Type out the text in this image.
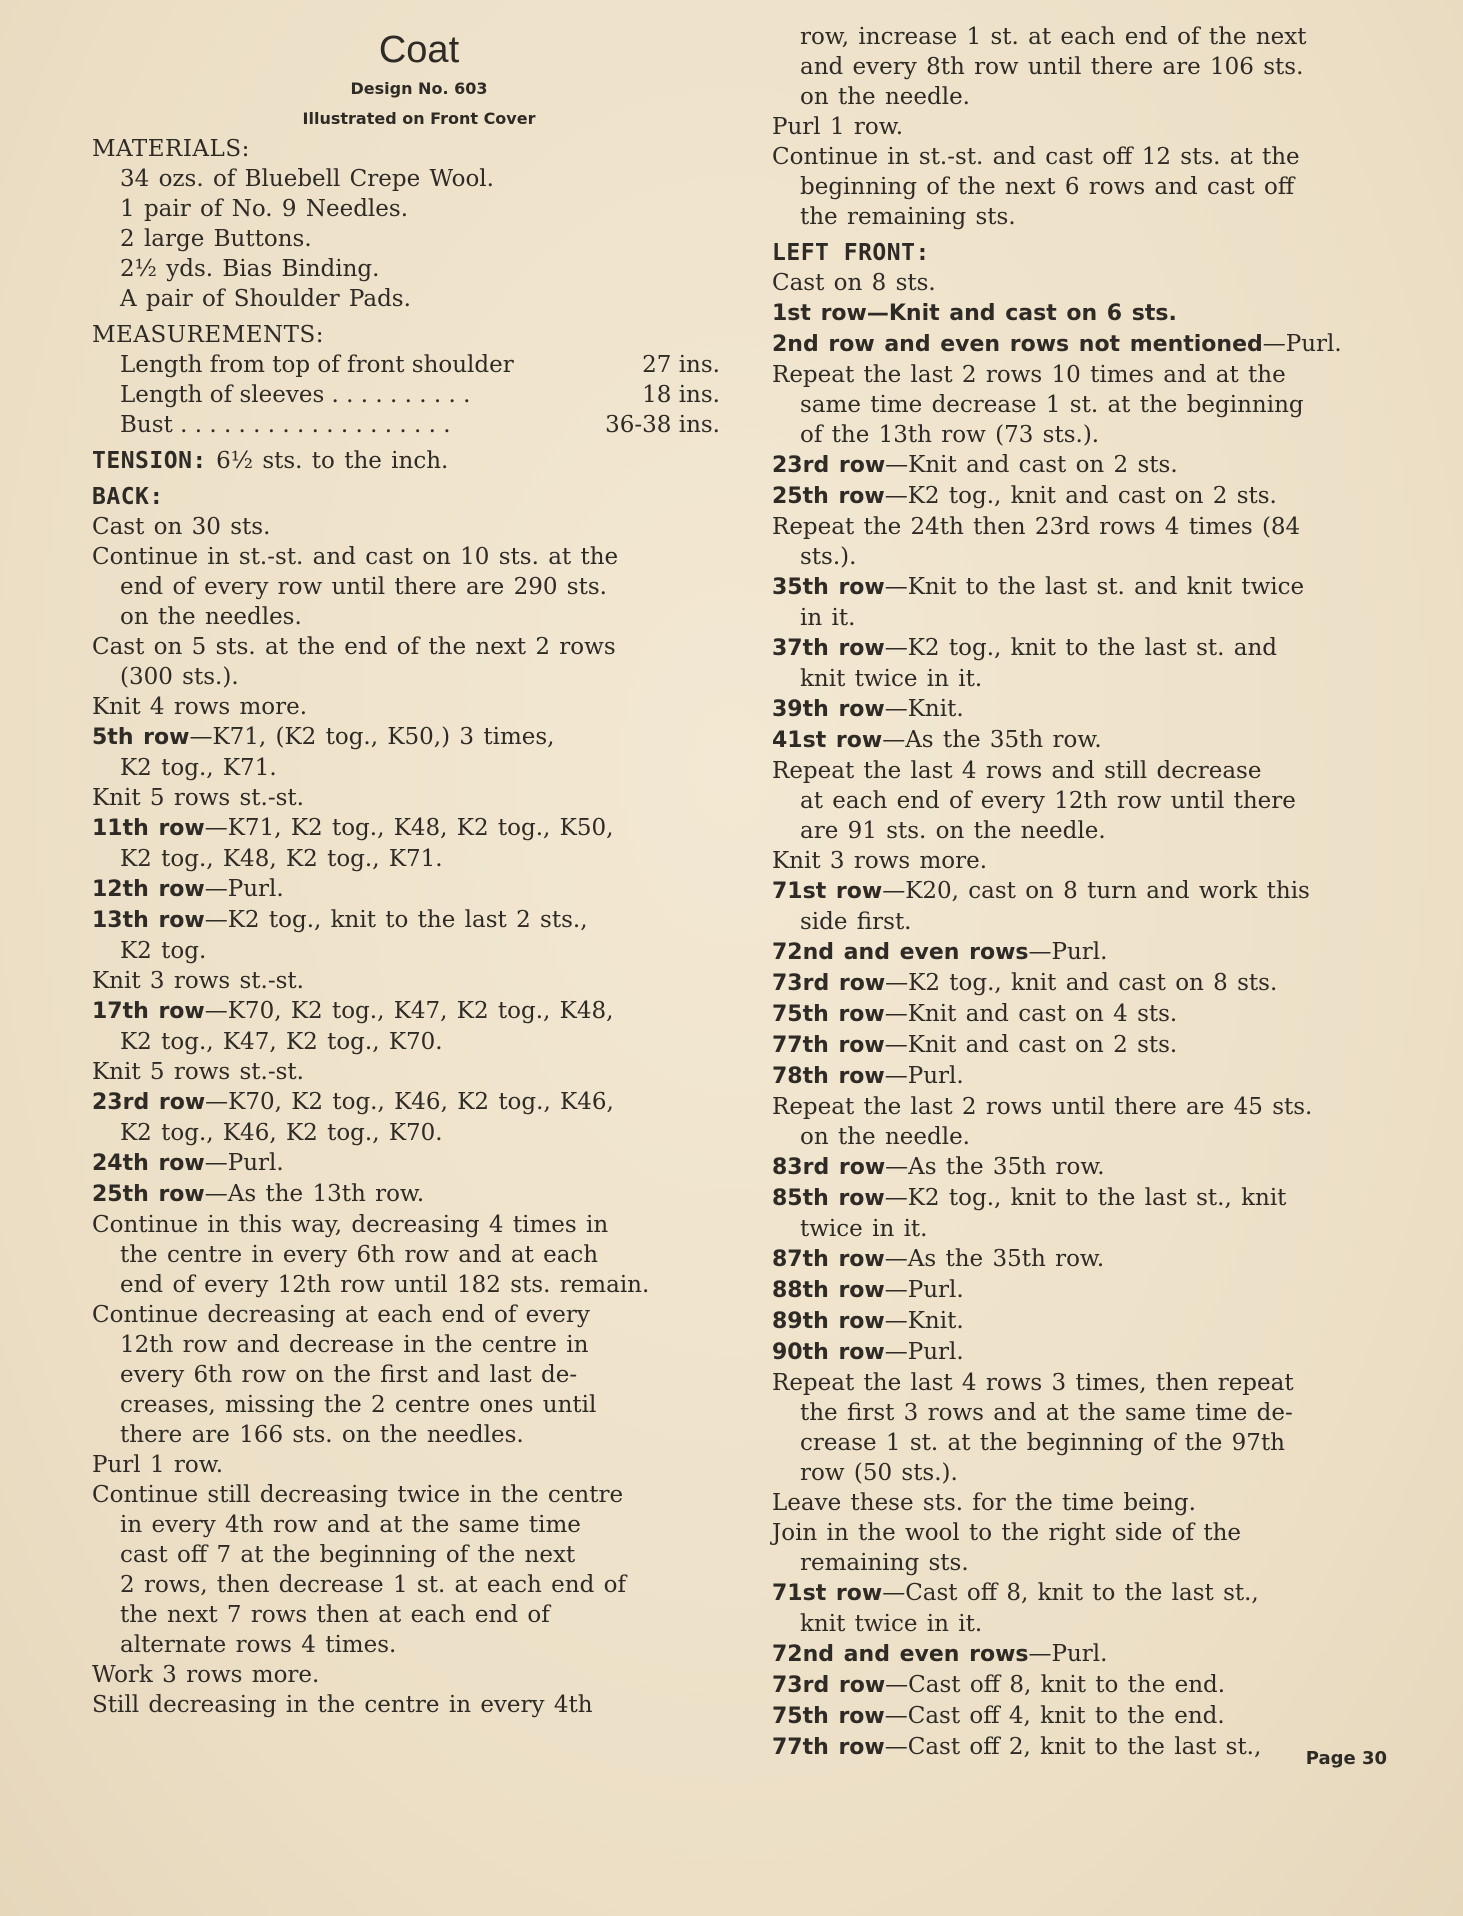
Coat
Design No. 603
Illustrated on Front Cover
MATERIALS:
34 ozs. of Bluebell Crepe Wool.
1 pair of No. 9 Needles.
2 large Buttons.
2½ yds. Bias Binding.
A pair of Shoulder Pads.
MEASUREMENTS:
Length from top of front shoulder	27 ins.
Length of sleeves . . . . . . . . . .	18 ins.
Bust . . . . . . . . . . . . . . . . . . .	36-38 ins.
TENSION: 6½ sts. to the inch.
BACK:
Cast on 30 sts.
Continue in st.-st. and cast on 10 sts. at the
end of every row until there are 290 sts.
on the needles.
Cast on 5 sts. at the end of the next 2 rows
(300 sts.).
Knit 4 rows more.
5th row—K71, (K2 tog., K50,) 3 times,
K2 tog., K71.
Knit 5 rows st.-st.
11th row—K71, K2 tog., K48, K2 tog., K50,
K2 tog., K48, K2 tog., K71.
12th row—Purl.
13th row—K2 tog., knit to the last 2 sts.,
K2 tog.
Knit 3 rows st.-st.
17th row—K70, K2 tog., K47, K2 tog., K48,
K2 tog., K47, K2 tog., K70.
Knit 5 rows st.-st.
23rd row—K70, K2 tog., K46, K2 tog., K46,
K2 tog., K46, K2 tog., K70.
24th row—Purl.
25th row—As the 13th row.
Continue in this way, decreasing 4 times in
the centre in every 6th row and at each
end of every 12th row until 182 sts. remain.
Continue decreasing at each end of every
12th row and decrease in the centre in
every 6th row on the first and last de-
creases, missing the 2 centre ones until
there are 166 sts. on the needles.
Purl 1 row.
Continue still decreasing twice in the centre
in every 4th row and at the same time
cast off 7 at the beginning of the next
2 rows, then decrease 1 st. at each end of
the next 7 rows then at each end of
alternate rows 4 times.
Work 3 rows more.
Still decreasing in the centre in every 4th
row, increase 1 st. at each end of the next
and every 8th row until there are 106 sts.
on the needle.
Purl 1 row.
Continue in st.-st. and cast off 12 sts. at the
beginning of the next 6 rows and cast off
the remaining sts.
LEFT FRONT:
Cast on 8 sts.
1st row—Knit and cast on 6 sts.
2nd row and even rows not mentioned—Purl.
Repeat the last 2 rows 10 times and at the
same time decrease 1 st. at the beginning
of the 13th row (73 sts.).
23rd row—Knit and cast on 2 sts.
25th row—K2 tog., knit and cast on 2 sts.
Repeat the 24th then 23rd rows 4 times (84
sts.).
35th row—Knit to the last st. and knit twice
in it.
37th row—K2 tog., knit to the last st. and
knit twice in it.
39th row—Knit.
41st row—As the 35th row.
Repeat the last 4 rows and still decrease
at each end of every 12th row until there
are 91 sts. on the needle.
Knit 3 rows more.
71st row—K20, cast on 8 turn and work this
side first.
72nd and even rows—Purl.
73rd row—K2 tog., knit and cast on 8 sts.
75th row—Knit and cast on 4 sts.
77th row—Knit and cast on 2 sts.
78th row—Purl.
Repeat the last 2 rows until there are 45 sts.
on the needle.
83rd row—As the 35th row.
85th row—K2 tog., knit to the last st., knit
twice in it.
87th row—As the 35th row.
88th row—Purl.
89th row—Knit.
90th row—Purl.
Repeat the last 4 rows 3 times, then repeat
the first 3 rows and at the same time de-
crease 1 st. at the beginning of the 97th
row (50 sts.).
Leave these sts. for the time being.
Join in the wool to the right side of the
remaining sts.
71st row—Cast off 8, knit to the last st.,
knit twice in it.
72nd and even rows—Purl.
73rd row—Cast off 8, knit to the end.
75th row—Cast off 4, knit to the end.
77th row—Cast off 2, knit to the last st.,	Page 30
